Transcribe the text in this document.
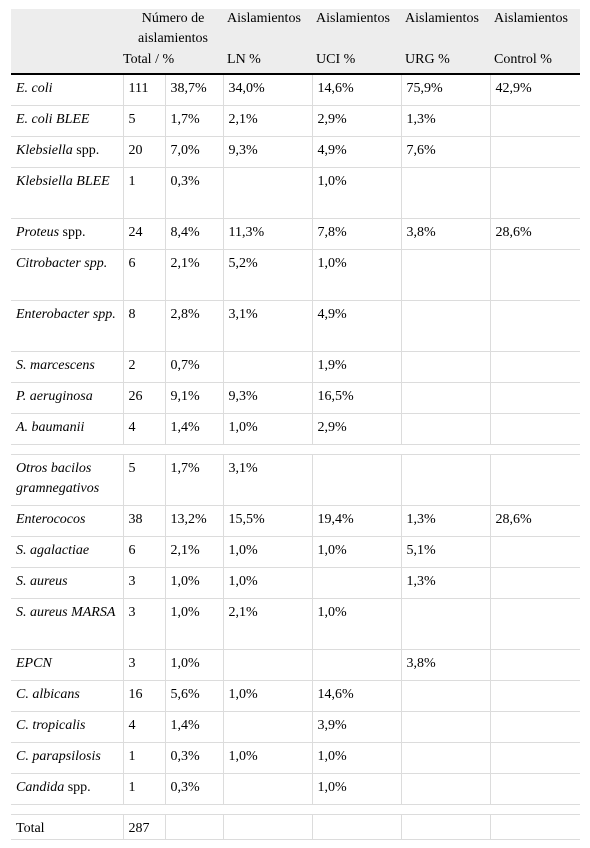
	Número de aislamientos		Aislamientos	Aislamientos	Aislamientos	Aislamientos
	Total / %		LN %	UCI %	URG %	Control %
E. coli	111	38,7%	34,0%	14,6%	75,9%	42,9%
E. coli BLEE	5	1,7%	2,1%	2,9%	1,3%	
Klebsiella spp.	20	7,0%	9,3%	4,9%	7,6%	
Klebsiella BLEE	1	0,3%		1,0%		
Proteus spp.	24	8,4%	11,3%	7,8%	3,8%	28,6%
Citrobacter spp.	6	2,1%	5,2%	1,0%		
Enterobacter spp.	8	2,8%	3,1%	4,9%		
S. marcescens	2	0,7%		1,9%		
P. aeruginosa	26	9,1%	9,3%	16,5%		
A. baumanii	4	1,4%	1,0%	2,9%		

Otros bacilos gramnegativos	5	1,7%	3,1%			
Enterococos	38	13,2%	15,5%	19,4%	1,3%	28,6%
S. agalactiae	6	2,1%	1,0%	1,0%	5,1%	
S. aureus	3	1,0%	1,0%		1,3%	
S. aureus MARSA	3	1,0%	2,1%	1,0%		
EPCN	3	1,0%			3,8%	
C. albicans	16	5,6%	1,0%	14,6%		
C. tropicalis	4	1,4%		3,9%		
C. parapsilosis	1	0,3%	1,0%	1,0%		
Candida spp.	1	0,3%		1,0%		

Total	287					
